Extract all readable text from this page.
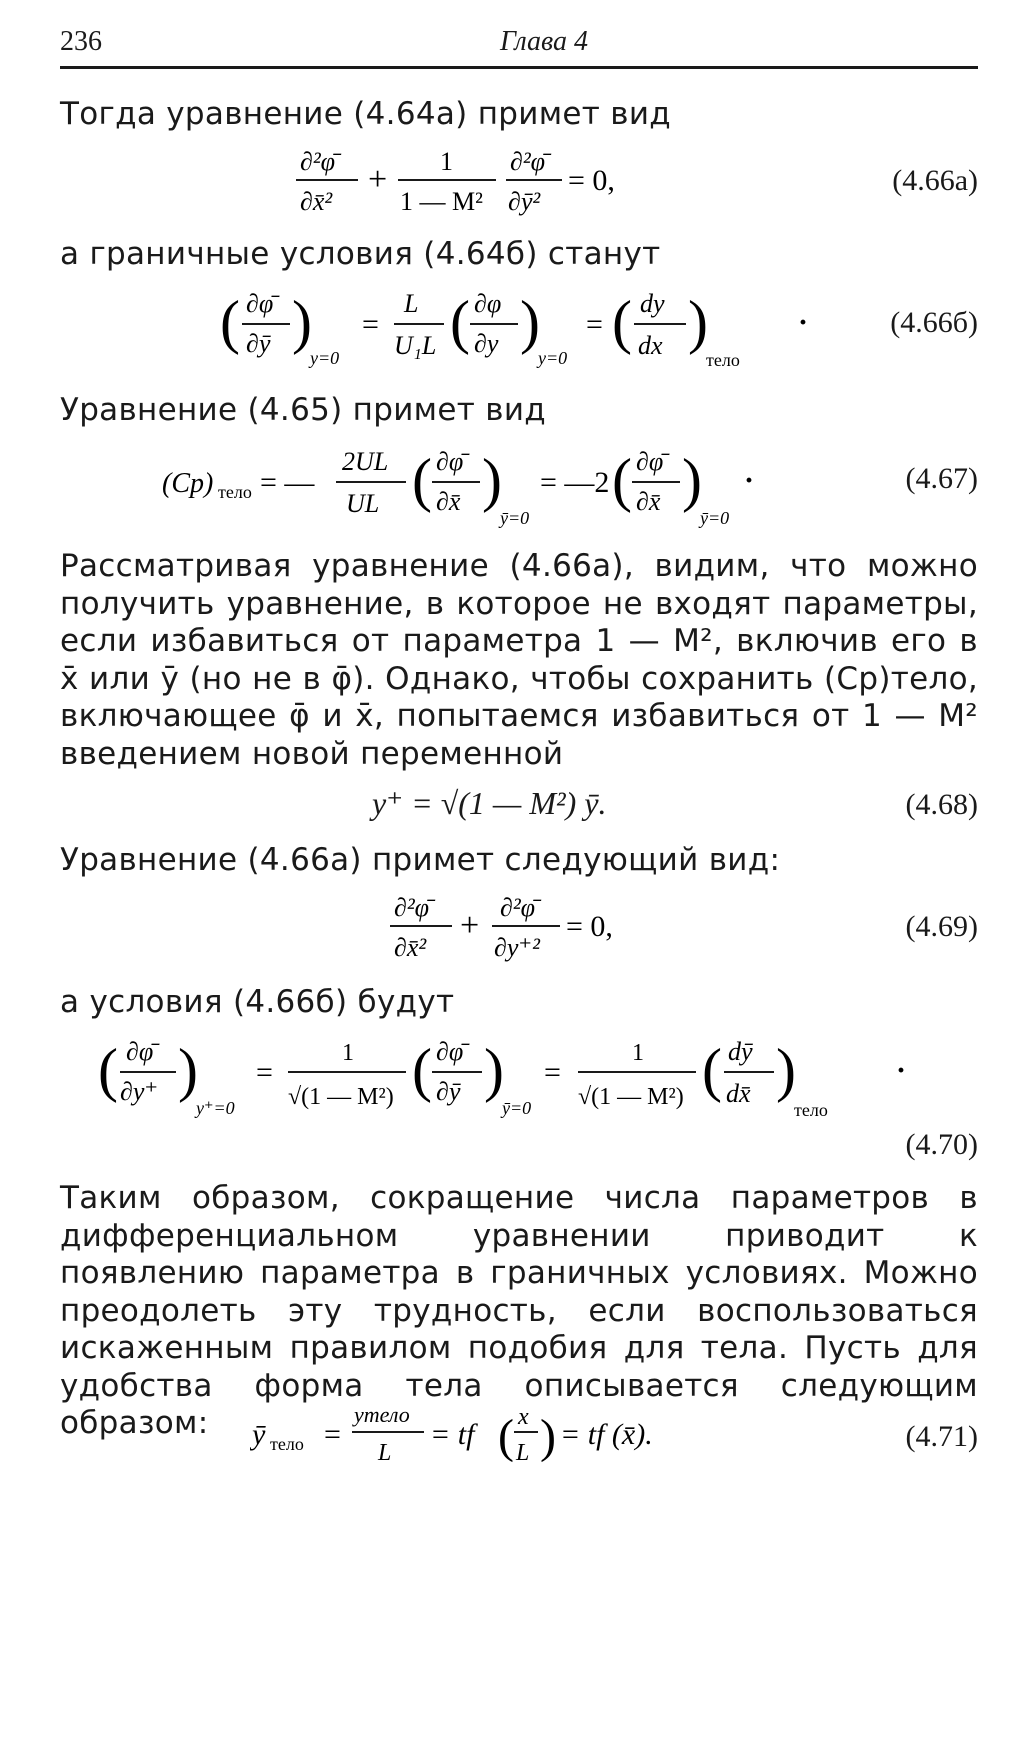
236	Глава 4
Тогда уравнение (4.64а) примет вид
∂²φ̄
∂x̄²
+ 1
1 — M²
∂²φ̄
∂ȳ²
= 0,	(4.66а)
а граничные условия (4.64б) станут
( ∂φ̄
∂ȳ )
y=0
=
L
U₁L ( ∂φ
∂y )
y=0
= ( dy
dx )
тело
·	(4.66б)
Уравнение (4.65) примет вид
(Cp) тело = —
2UL
UL ( ∂φ̄
∂x̄ )
ȳ=0
= —2 ( ∂φ̄
∂x̄ )
ȳ=0
·	(4.67)
Рассматривая уравнение (4.66а), видим, что можно получить уравнение, в которое не входят параметры, если избавиться от параметра 1 — M², включив его в x̄ или ȳ (но не в φ̄). Однако, чтобы сохранить (Cp)тело, включающее φ̄ и x̄, попытаемся избавиться от 1 — M² введением новой переменной
y⁺ = √(1 — M²) ȳ.	(4.68)
Уравнение (4.66а) примет следующий вид:
∂²φ̄
∂x̄²
+ ∂²φ̄
∂y⁺²
= 0,	(4.69)
а условия (4.66б) будут
( ∂φ̄
∂y⁺ )
y⁺=0
=
1
√(1 — M²) ( ∂φ̄
∂ȳ )
ȳ=0
=
1
√(1 — M²) ( dȳ
dx̄ )
тело
·
(4.70)
Таким образом, сокращение числа параметров в дифференциальном уравнении приводит к появлению параметра в граничных условиях. Можно преодолеть эту трудность, если воспользоваться искаженным правилом подобия для тела. Пусть для удобства форма тела описывается следующим образом:	ȳ тело =
yтело
L
= tf ( x
L ) = tf (x̄).	(4.71)
